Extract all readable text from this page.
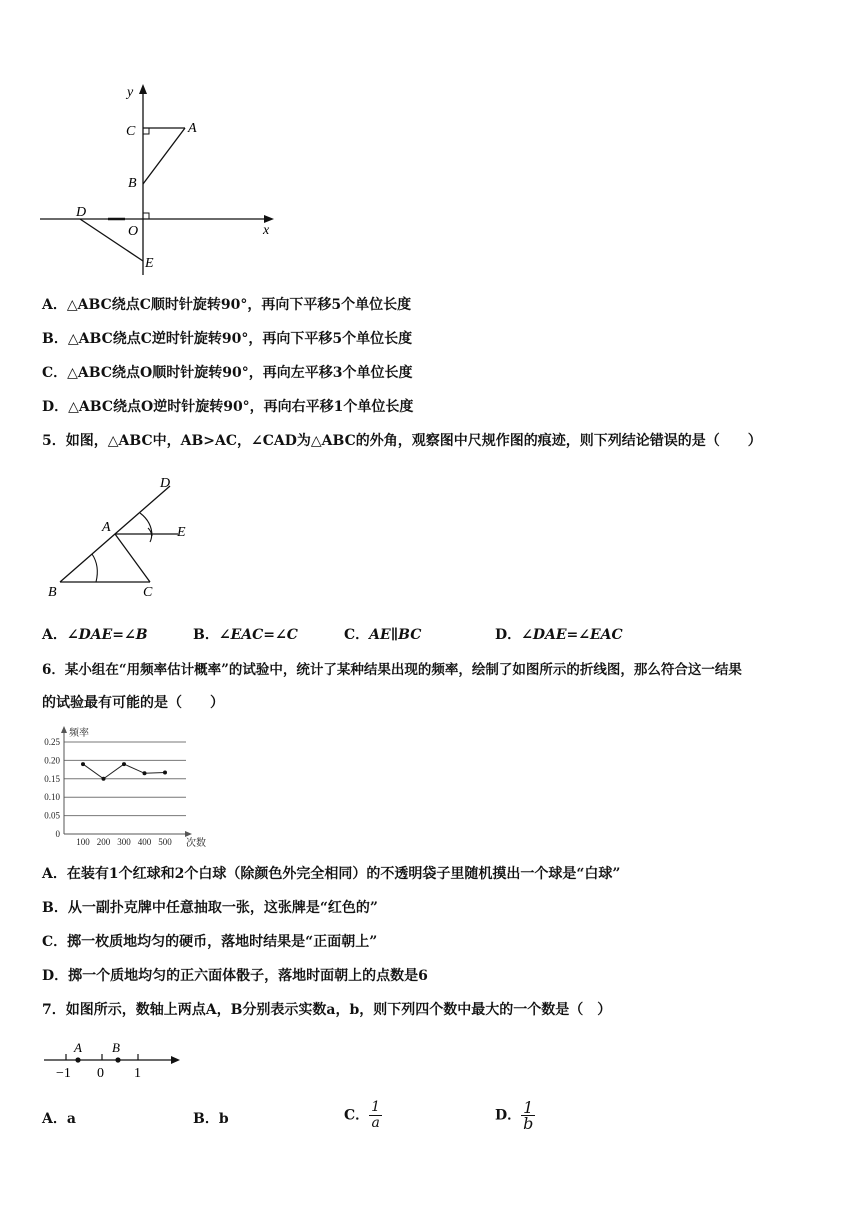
y
x
A
C
B
D
O
E
A．△ABC绕点C顺时针旋转90°，再向下平移5个单位长度
B．△ABC绕点C逆时针旋转90°，再向下平移5个单位长度
C．△ABC绕点O顺时针旋转90°，再向左平移3个单位长度
D．△ABC绕点O逆时针旋转90°，再向右平移1个单位长度
5．如图，△ABC中，AB>AC，∠CAD为△ABC的外角，观察图中尺规作图的痕迹，则下列结论错误的是（　　）
A
B	C
D
E
A．∠DAE=∠B	B．∠EAC=∠C	C．AE∥BC	D．∠DAE=∠EAC
6．某小组在“用频率估计概率”的试验中，统计了某种结果出现的频率，绘制了如图所示的折线图，那么符合这一结果
的试验最有可能的是（　　）
0.25
0.20
0.15
0.10
0.05
0
100 200 300 400 500
频率
次数
A．在装有1个红球和2个白球（除颜色外完全相同）的不透明袋子里随机摸出一个球是“白球”
B．从一副扑克牌中任意抽取一张，这张牌是“红色的”
C．掷一枚质地均匀的硬币，落地时结果是“正面朝上”
D．掷一个质地均匀的正六面体骰子，落地时面朝上的点数是6
7．如图所示，数轴上两点A，B分别表示实数a，b，则下列四个数中最大的一个数是（　）
A B
−1 0 1
A．a	B．b	C． $\frac{1}{a}$	D． $\frac{1}{b}$
